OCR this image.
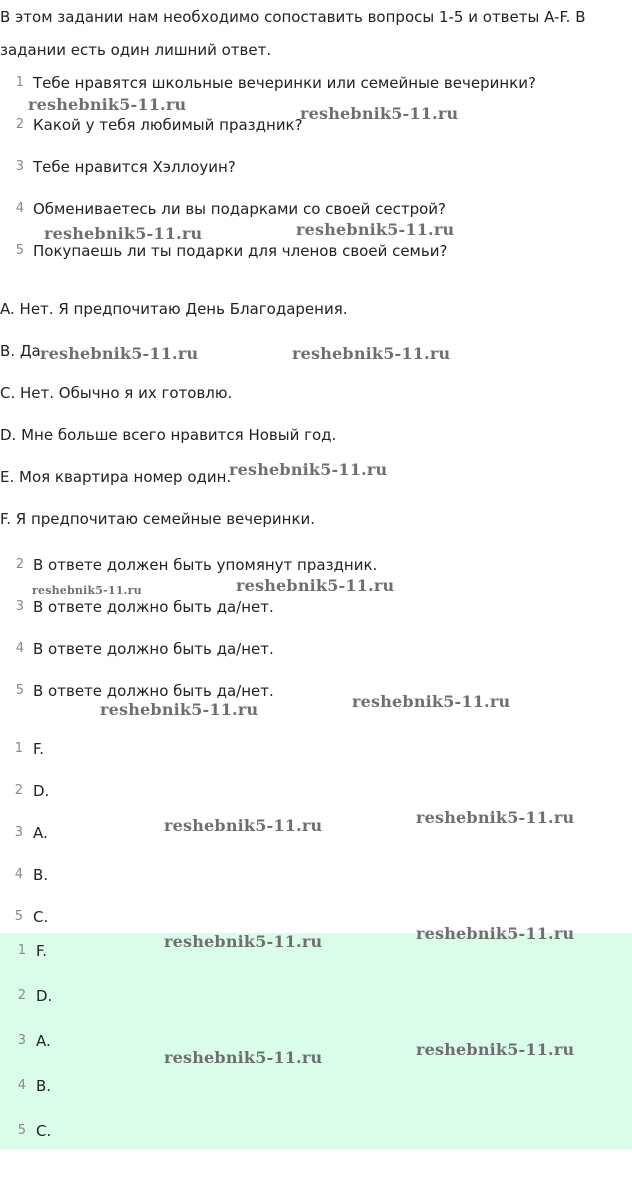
В этом задании нам необходимо сопоставить вопросы 1-5 и ответы A-F. В
задании есть один лишний ответ.
1 Тебе нравятся школьные вечеринки или семейные вечеринки?
2 Какой у тебя любимый праздник?
3 Тебе нравится Хэллоуин?
4 Обмениваетесь ли вы подарками со своей сестрой?
5 Покупаешь ли ты подарки для членов своей семьи?
A. Нет. Я предпочитаю День Благодарения.
B. Да.
C. Нет. Обычно я их готовлю.
D. Мне больше всего нравится Новый год.
E. Моя квартира номер один.
F. Я предпочитаю семейные вечеринки.
2 В ответе должен быть упомянут праздник.
3 В ответе должно быть да/нет.
4 В ответе должно быть да/нет.
5 В ответе должно быть да/нет.
1 F.
2 D.
3 A.
4 B.
5 C.
1 F.
2 D.
3 A.
4 B.
5 C.
reshebnik5-11.ru	reshebnik5-11.ru
reshebnik5-11.ru	reshebnik5-11.ru
reshebnik5-11.ru	reshebnik5-11.ru
reshebnik5-11.ru
reshebnik5-11.ru	reshebnik5-11.ru
reshebnik5-11.ru	reshebnik5-11.ru
reshebnik5-11.ru	reshebnik5-11.ru
reshebnik5-11.ru	reshebnik5-11.ru
reshebnik5-11.ru	reshebnik5-11.ru
